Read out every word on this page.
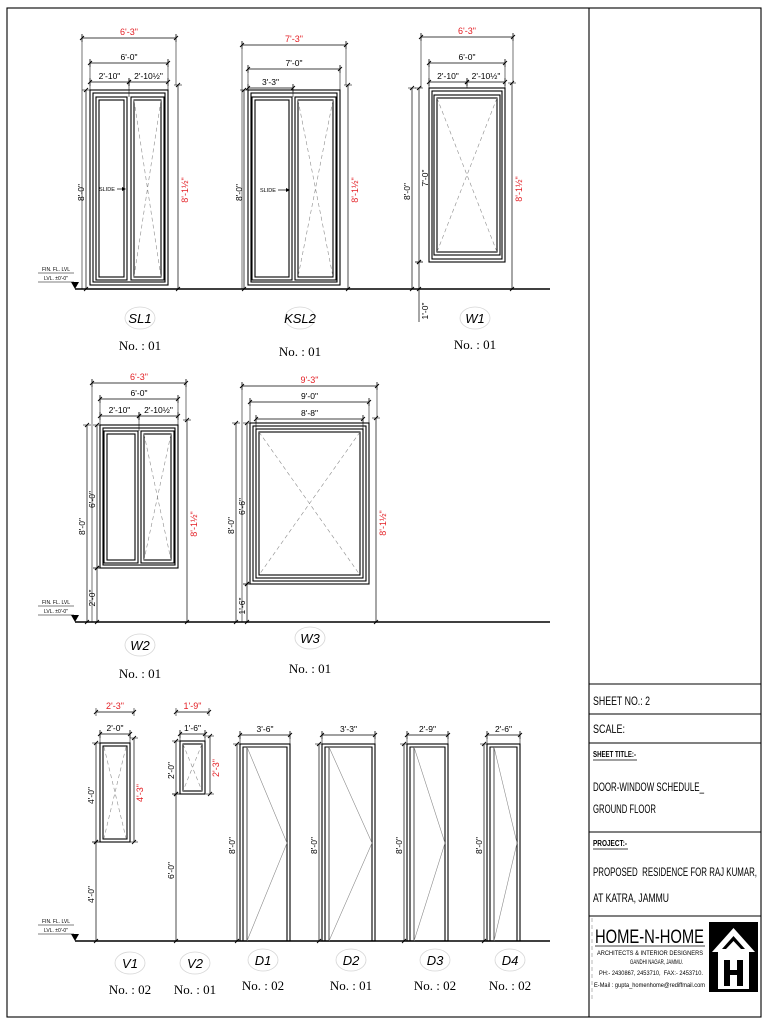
SHEET NO.: 2
SCALE:
SHEET TITLE:-
DOOR-WINDOW SCHEDULE_
GROUND FLOOR
PROJECT:-
PROPOSED  RESIDENCE FOR RAJ KUMAR,
AT KATRA, JAMMU
HOME-N-HOME
ARCHITECTS & INTERIOR DESIGNERS
GANDHI NAGAR, JAMMU.
PH:- 2430867, 2453710,  FAX:- 2453710.
E-Mail : gupta_homenhome@rediffmail.com
FIN. FL. LVL
LVL. ±0'-0"
FIN. FL. LVL
LVL. ±0'-0"
FIN. FL. LVL
LVL. ±0'-0"
SLIDE
6'-3"
6'-0"
2'-10" 2'-10½"
8'-0"	8'-1½"
SL1
No. : 01
SLIDE
7'-3"
7'-0"
3'-3"
8'-0"	8'-1½"
KSL2
No. : 01
6'-3"
6'-0"
2'-10" 2'-10½"
8'-0"
7'-0"
1'-0"
8'-1½"
W1
No. : 01
6'-3"
6'-0"
2'-10" 2'-10½"
8'-0"
6'-0"
2'-0"
8'-1½"
W2
No. : 01
9'-3"
9'-0"
8'-8"
8'-0"
6'-6"
1'-6"
8'-1½"
W3
No. : 01
2'-3"
2'-0"
4'-0"
4'-0"
4'-3"
V1
No. : 02
1'-9"
1'-6"
2'-0"
6'-0"
2'-3"
V2
No. : 01
3'-6"
8'-0"
D1
No. : 02
3'-3"
8'-0"
D2
No. : 01
2'-9"
8'-0"
D3
No. : 02
2'-6"
8'-0"
D4
No. : 02
